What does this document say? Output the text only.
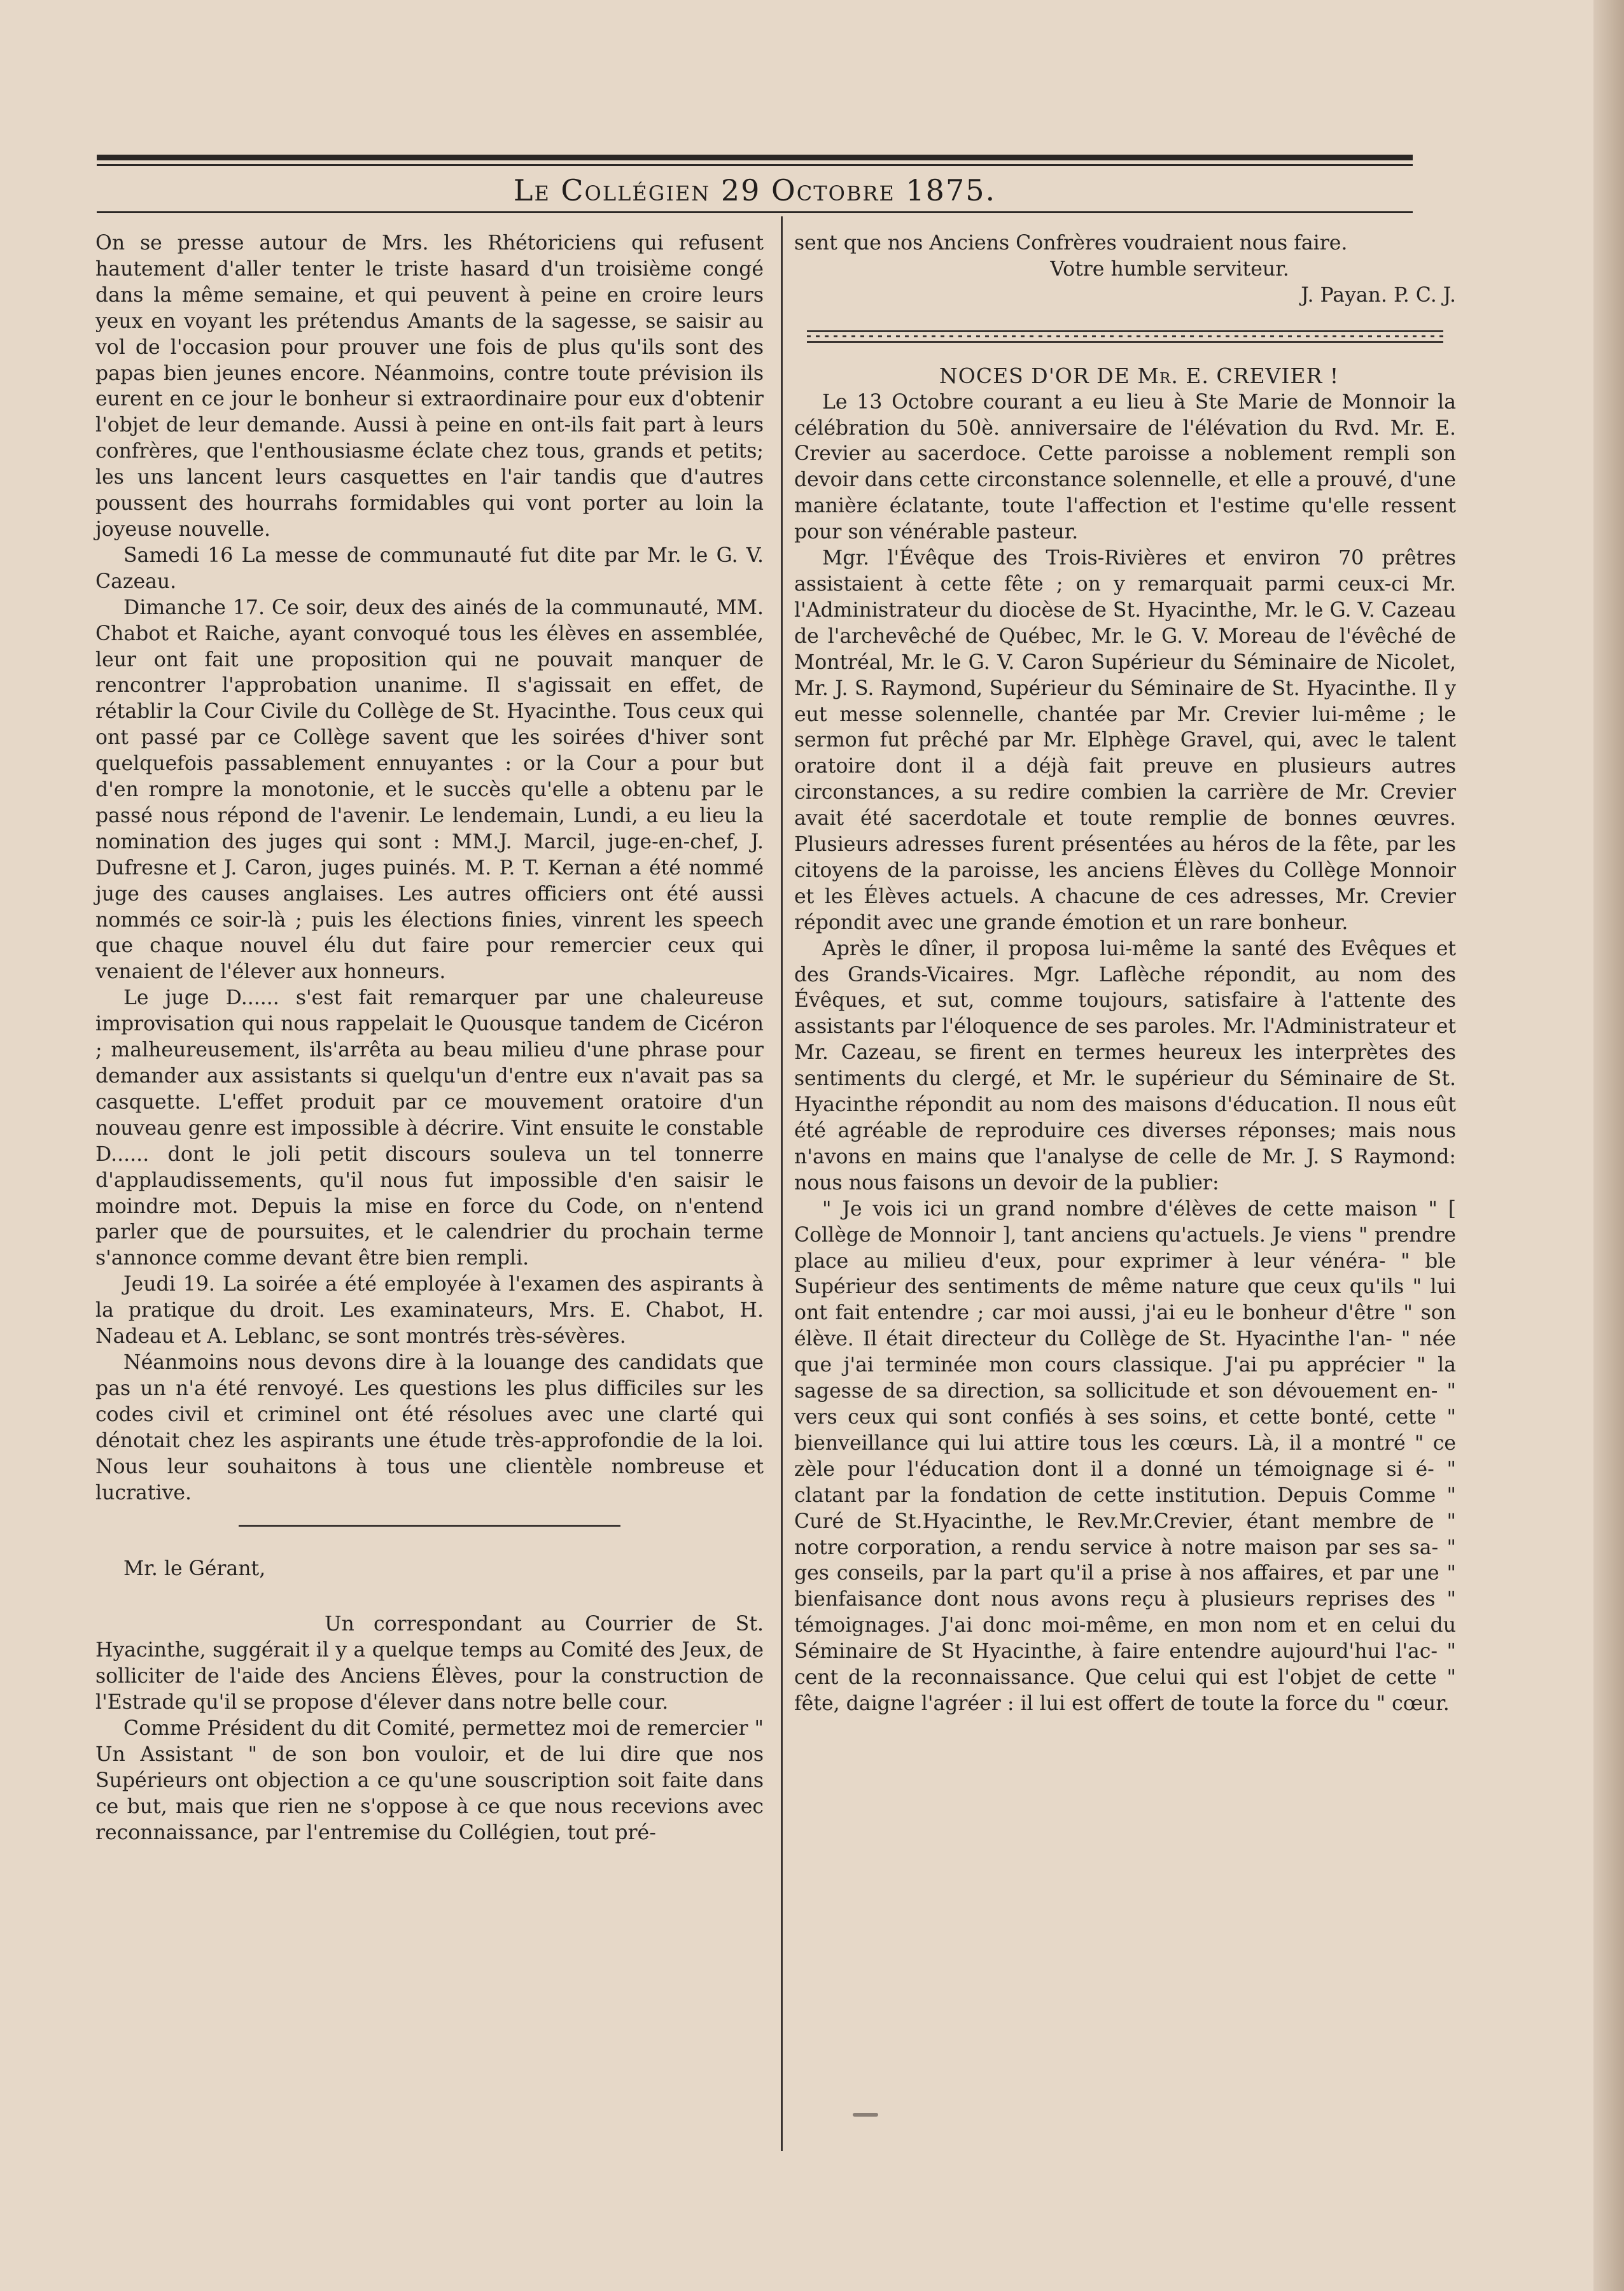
Le Collégien 29 Octobre 1875.

On se presse autour de Mrs. les Rhétoriciens qui refusent hautement d'aller tenter le triste hasard d'un troisième congé dans la même semaine, et qui peuvent à peine en croire leurs yeux en voyant les prétendus Amants de la sagesse, se saisir au vol de l'occasion pour prouver une fois de plus qu'ils sont des papas bien jeunes encore. Néanmoins, contre toute prévision ils eurent en ce jour le bonheur si extraordinaire pour eux d'obtenir l'objet de leur demande. Aussi à peine en ont-ils fait part à leurs confrères, que l'enthousiasme éclate chez tous, grands et petits; les uns lancent leurs casquettes en l'air tandis que d'autres poussent des hourrahs formidables qui vont porter au loin la joyeuse nouvelle.

Samedi 16 La messe de communauté fut dite par Mr. le G. V. Cazeau.

Dimanche 17. Ce soir, deux des ainés de la communauté, MM. Chabot et Raiche, ayant convoqué tous les élèves en assemblée, leur ont fait une proposition qui ne pouvait manquer de rencontrer l'approbation unanime. Il s'agissait en effet, de rétablir la Cour Civile du Collège de St. Hyacinthe. Tous ceux qui ont passé par ce Collège savent que les soirées d'hiver sont quelquefois passablement ennuyantes : or la Cour a pour but d'en rompre la monotonie, et le succès qu'elle a obtenu par le passé nous répond de l'avenir. Le lendemain, Lundi, a eu lieu la nomination des juges qui sont : MM.J. Marcil, juge-en-chef, J. Dufresne et J. Caron, juges puinés. M. P. T. Kernan a été nommé juge des causes anglaises. Les autres officiers ont été aussi nommés ce soir-là ; puis les élections finies, vinrent les speech que chaque nouvel élu dut faire pour remercier ceux qui venaient de l'élever aux honneurs.

Le juge D...... s'est fait remarquer par une chaleureuse improvisation qui nous rappelait le Quousque tandem de Cicéron ; malheureusement, ils'arrêta au beau milieu d'une phrase pour demander aux assistants si quelqu'un d'entre eux n'avait pas sa casquette. L'effet produit par ce mouvement oratoire d'un nouveau genre est impossible à décrire. Vint ensuite le constable D...... dont le joli petit discours souleva un tel tonnerre d'applaudissements, qu'il nous fut impossible d'en saisir le moindre mot. Depuis la mise en force du Code, on n'entend parler que de poursuites, et le calendrier du prochain terme s'annonce comme devant être bien rempli.

Jeudi 19. La soirée a été employée à l'examen des aspirants à la pratique du droit. Les examinateurs, Mrs. E. Chabot, H. Nadeau et A. Leblanc, se sont montrés très-sévères.

Néanmoins nous devons dire à la louange des candidats que pas un n'a été renvoyé. Les questions les plus difficiles sur les codes civil et criminel ont été résolues avec une clarté qui dénotait chez les aspirants une étude très-approfondie de la loi. Nous leur souhaitons à tous une clientèle nombreuse et lucrative.

Mr. le Gérant,

Un correspondant au Courrier de St. Hyacinthe, suggérait il y a quelque temps au Comité des Jeux, de solliciter de l'aide des Anciens Élèves, pour la construction de l'Estrade qu'il se propose d'élever dans notre belle cour.

Comme Président du dit Comité, permettez moi de remercier " Un Assistant " de son bon vouloir, et de lui dire que nos Supérieurs ont objection a ce qu'une souscription soit faite dans ce but, mais que rien ne s'oppose à ce que nous recevions avec reconnaissance, par l'entremise du Collégien, tout pré-

sent que nos Anciens Confrères voudraient nous faire.

Votre humble serviteur.

J. Payan. P. C. J.

NOCES D'OR DE Mr. E. CREVIER !

Le 13 Octobre courant a eu lieu à Ste Marie de Monnoir la célébration du 50è. anniversaire de l'élévation du Rvd. Mr. E. Crevier au sacerdoce. Cette paroisse a noblement rempli son devoir dans cette circonstance solennelle, et elle a prouvé, d'une manière éclatante, toute l'affection et l'estime qu'elle ressent pour son vénérable pasteur.

Mgr. l'Évêque des Trois-Rivières et environ 70 prêtres assistaient à cette fête ; on y remarquait parmi ceux-ci Mr. l'Administrateur du diocèse de St. Hyacinthe, Mr. le G. V. Cazeau de l'archevêché de Québec, Mr. le G. V. Moreau de l'évêché de Montréal, Mr. le G. V. Caron Supérieur du Séminaire de Nicolet, Mr. J. S. Raymond, Supérieur du Séminaire de St. Hyacinthe. Il y eut messe solennelle, chantée par Mr. Crevier lui-même ; le sermon fut prêché par Mr. Elphège Gravel, qui, avec le talent oratoire dont il a déjà fait preuve en plusieurs autres circonstances, a su redire combien la carrière de Mr. Crevier avait été sacerdotale et toute remplie de bonnes œuvres. Plusieurs adresses furent présentées au héros de la fête, par les citoyens de la paroisse, les anciens Élèves du Collège Monnoir et les Élèves actuels. A chacune de ces adresses, Mr. Crevier répondit avec une grande émotion et un rare bonheur.

Après le dîner, il proposa lui-même la santé des Evêques et des Grands-Vicaires. Mgr. Laflèche répondit, au nom des Évêques, et sut, comme toujours, satisfaire à l'attente des assistants par l'éloquence de ses paroles. Mr. l'Administrateur et Mr. Cazeau, se firent en termes heureux les interprètes des sentiments du clergé, et Mr. le supérieur du Séminaire de St. Hyacinthe répondit au nom des maisons d'éducation. Il nous eût été agréable de reproduire ces diverses réponses; mais nous n'avons en mains que l'analyse de celle de Mr. J. S Raymond: nous nous faisons un devoir de la publier:

" Je vois ici un grand nombre d'élèves de cette maison " [ Collège de Monnoir ], tant anciens qu'actuels. Je viens " prendre place au milieu d'eux, pour exprimer à leur vénéra- " ble Supérieur des sentiments de même nature que ceux qu'ils " lui ont fait entendre ; car moi aussi, j'ai eu le bonheur d'être " son élève. Il était directeur du Collège de St. Hyacinthe l'an- " née que j'ai terminée mon cours classique. J'ai pu apprécier " la sagesse de sa direction, sa sollicitude et son dévouement en- " vers ceux qui sont confiés à ses soins, et cette bonté, cette " bienveillance qui lui attire tous les cœurs. Là, il a montré " ce zèle pour l'éducation dont il a donné un témoignage si é- " clatant par la fondation de cette institution. Depuis Comme " Curé de St.Hyacinthe, le Rev.Mr.Crevier, étant membre de " notre corporation, a rendu service à notre maison par ses sa- " ges conseils, par la part qu'il a prise à nos affaires, et par une " bienfaisance dont nous avons reçu à plusieurs reprises des " témoignages. J'ai donc moi-même, en mon nom et en celui du Séminaire de St Hyacinthe, à faire entendre aujourd'hui l'ac- " cent de la reconnaissance. Que celui qui est l'objet de cette " fête, daigne l'agréer : il lui est offert de toute la force du " cœur.
